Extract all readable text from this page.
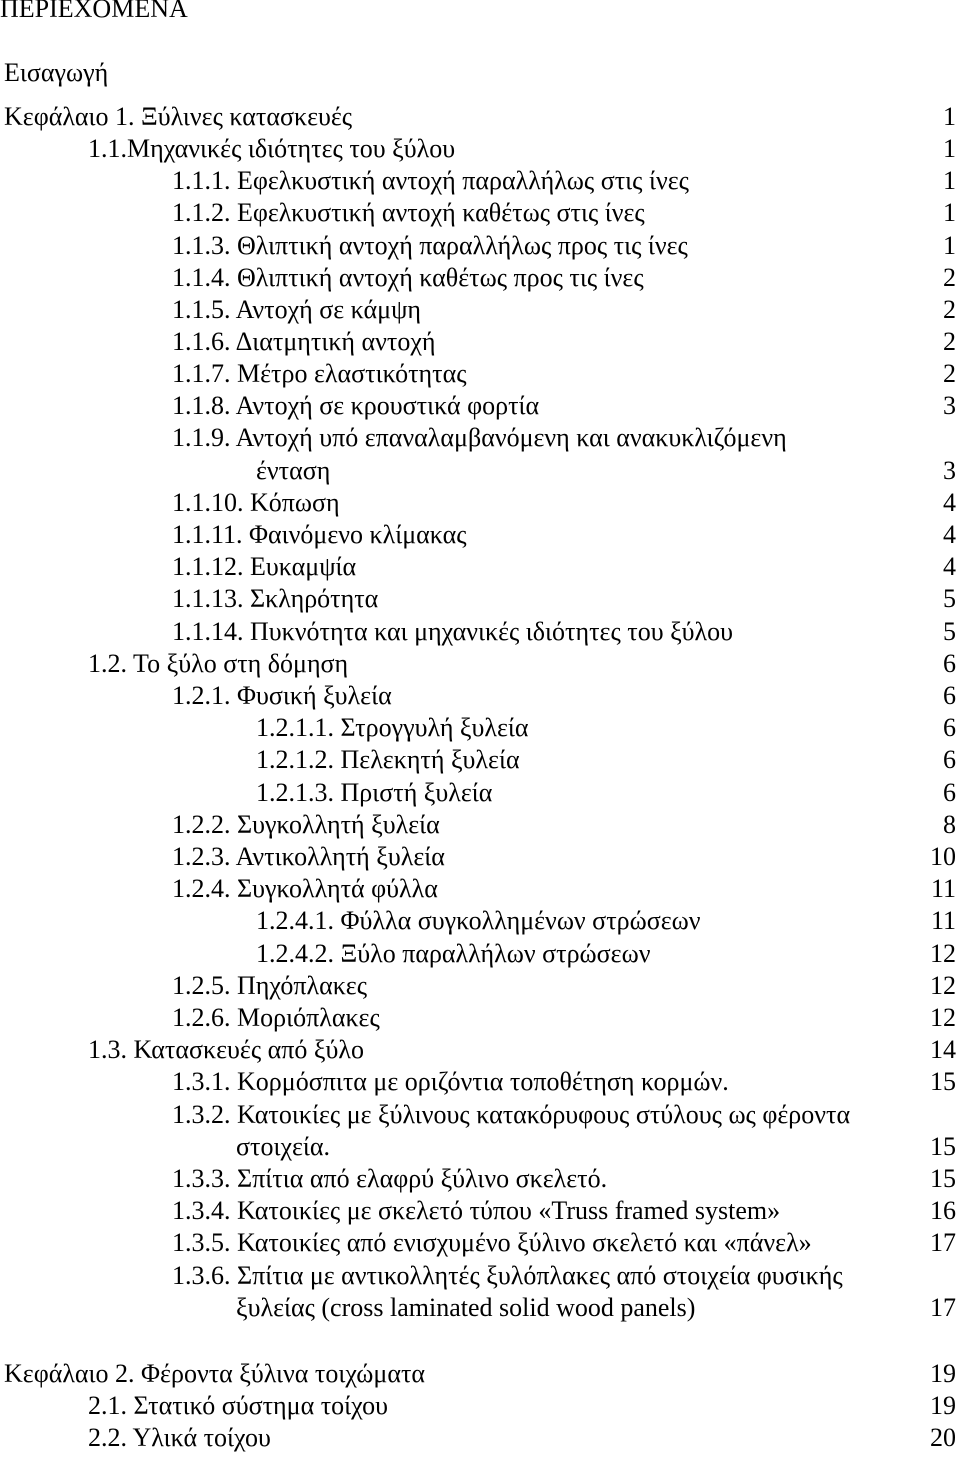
ΠΕΡΙΕΧΟΜΕΝΑ
Εισαγωγή
Κεφάλαιο 1. Ξύλινες κατασκευές	1
1.1.Μηχανικές ιδιότητες του ξύλου	1
1.1.1. Εφελκυστική αντοχή παραλλήλως στις ίνες	1
1.1.2. Εφελκυστική αντοχή καθέτως στις ίνες	1
1.1.3. Θλιπτική αντοχή παραλλήλως προς τις ίνες	1
1.1.4. Θλιπτική αντοχή καθέτως προς τις ίνες	2
1.1.5. Αντοχή σε κάμψη	2
1.1.6. Διατμητική αντοχή	2
1.1.7. Μέτρο ελαστικότητας	2
1.1.8. Αντοχή σε κρουστικά φορτία	3
1.1.9. Αντοχή υπό επαναλαμβανόμενη και ανακυκλιζόμενη
ένταση	3
1.1.10. Κόπωση	4
1.1.11. Φαινόμενο κλίμακας	4
1.1.12. Ευκαμψία	4
1.1.13. Σκληρότητα	5
1.1.14. Πυκνότητα και μηχανικές ιδιότητες του ξύλου	5
1.2. Το ξύλο στη δόμηση	6
1.2.1. Φυσική ξυλεία	6
1.2.1.1. Στρογγυλή ξυλεία	6
1.2.1.2. Πελεκητή ξυλεία	6
1.2.1.3. Πριστή ξυλεία	6
1.2.2. Συγκολλητή ξυλεία	8
1.2.3. Αντικολλητή ξυλεία	10
1.2.4. Συγκολλητά φύλλα	11
1.2.4.1. Φύλλα συγκολλημένων στρώσεων	11
1.2.4.2. Ξύλο παραλλήλων στρώσεων	12
1.2.5. Πηχόπλακες	12
1.2.6. Μοριόπλακες	12
1.3. Κατασκευές από ξύλο	14
1.3.1. Κορμόσπιτα με οριζόντια τοποθέτηση κορμών.	15
1.3.2. Κατοικίες με ξύλινους κατακόρυφους στύλους ως φέροντα
στοιχεία.	15
1.3.3. Σπίτια από ελαφρύ ξύλινο σκελετό.	15
1.3.4. Κατοικίες με σκελετό τύπου «Truss framed system»	16
1.3.5. Κατοικίες από ενισχυμένο ξύλινο σκελετό και «πάνελ»	17
1.3.6. Σπίτια με αντικολλητές ξυλόπλακες από στοιχεία φυσικής
ξυλείας (cross laminated solid wood panels)	17
Κεφάλαιο 2. Φέροντα ξύλινα τοιχώματα	19
2.1. Στατικό σύστημα τοίχου	19
2.2. Υλικά τοίχου	20
